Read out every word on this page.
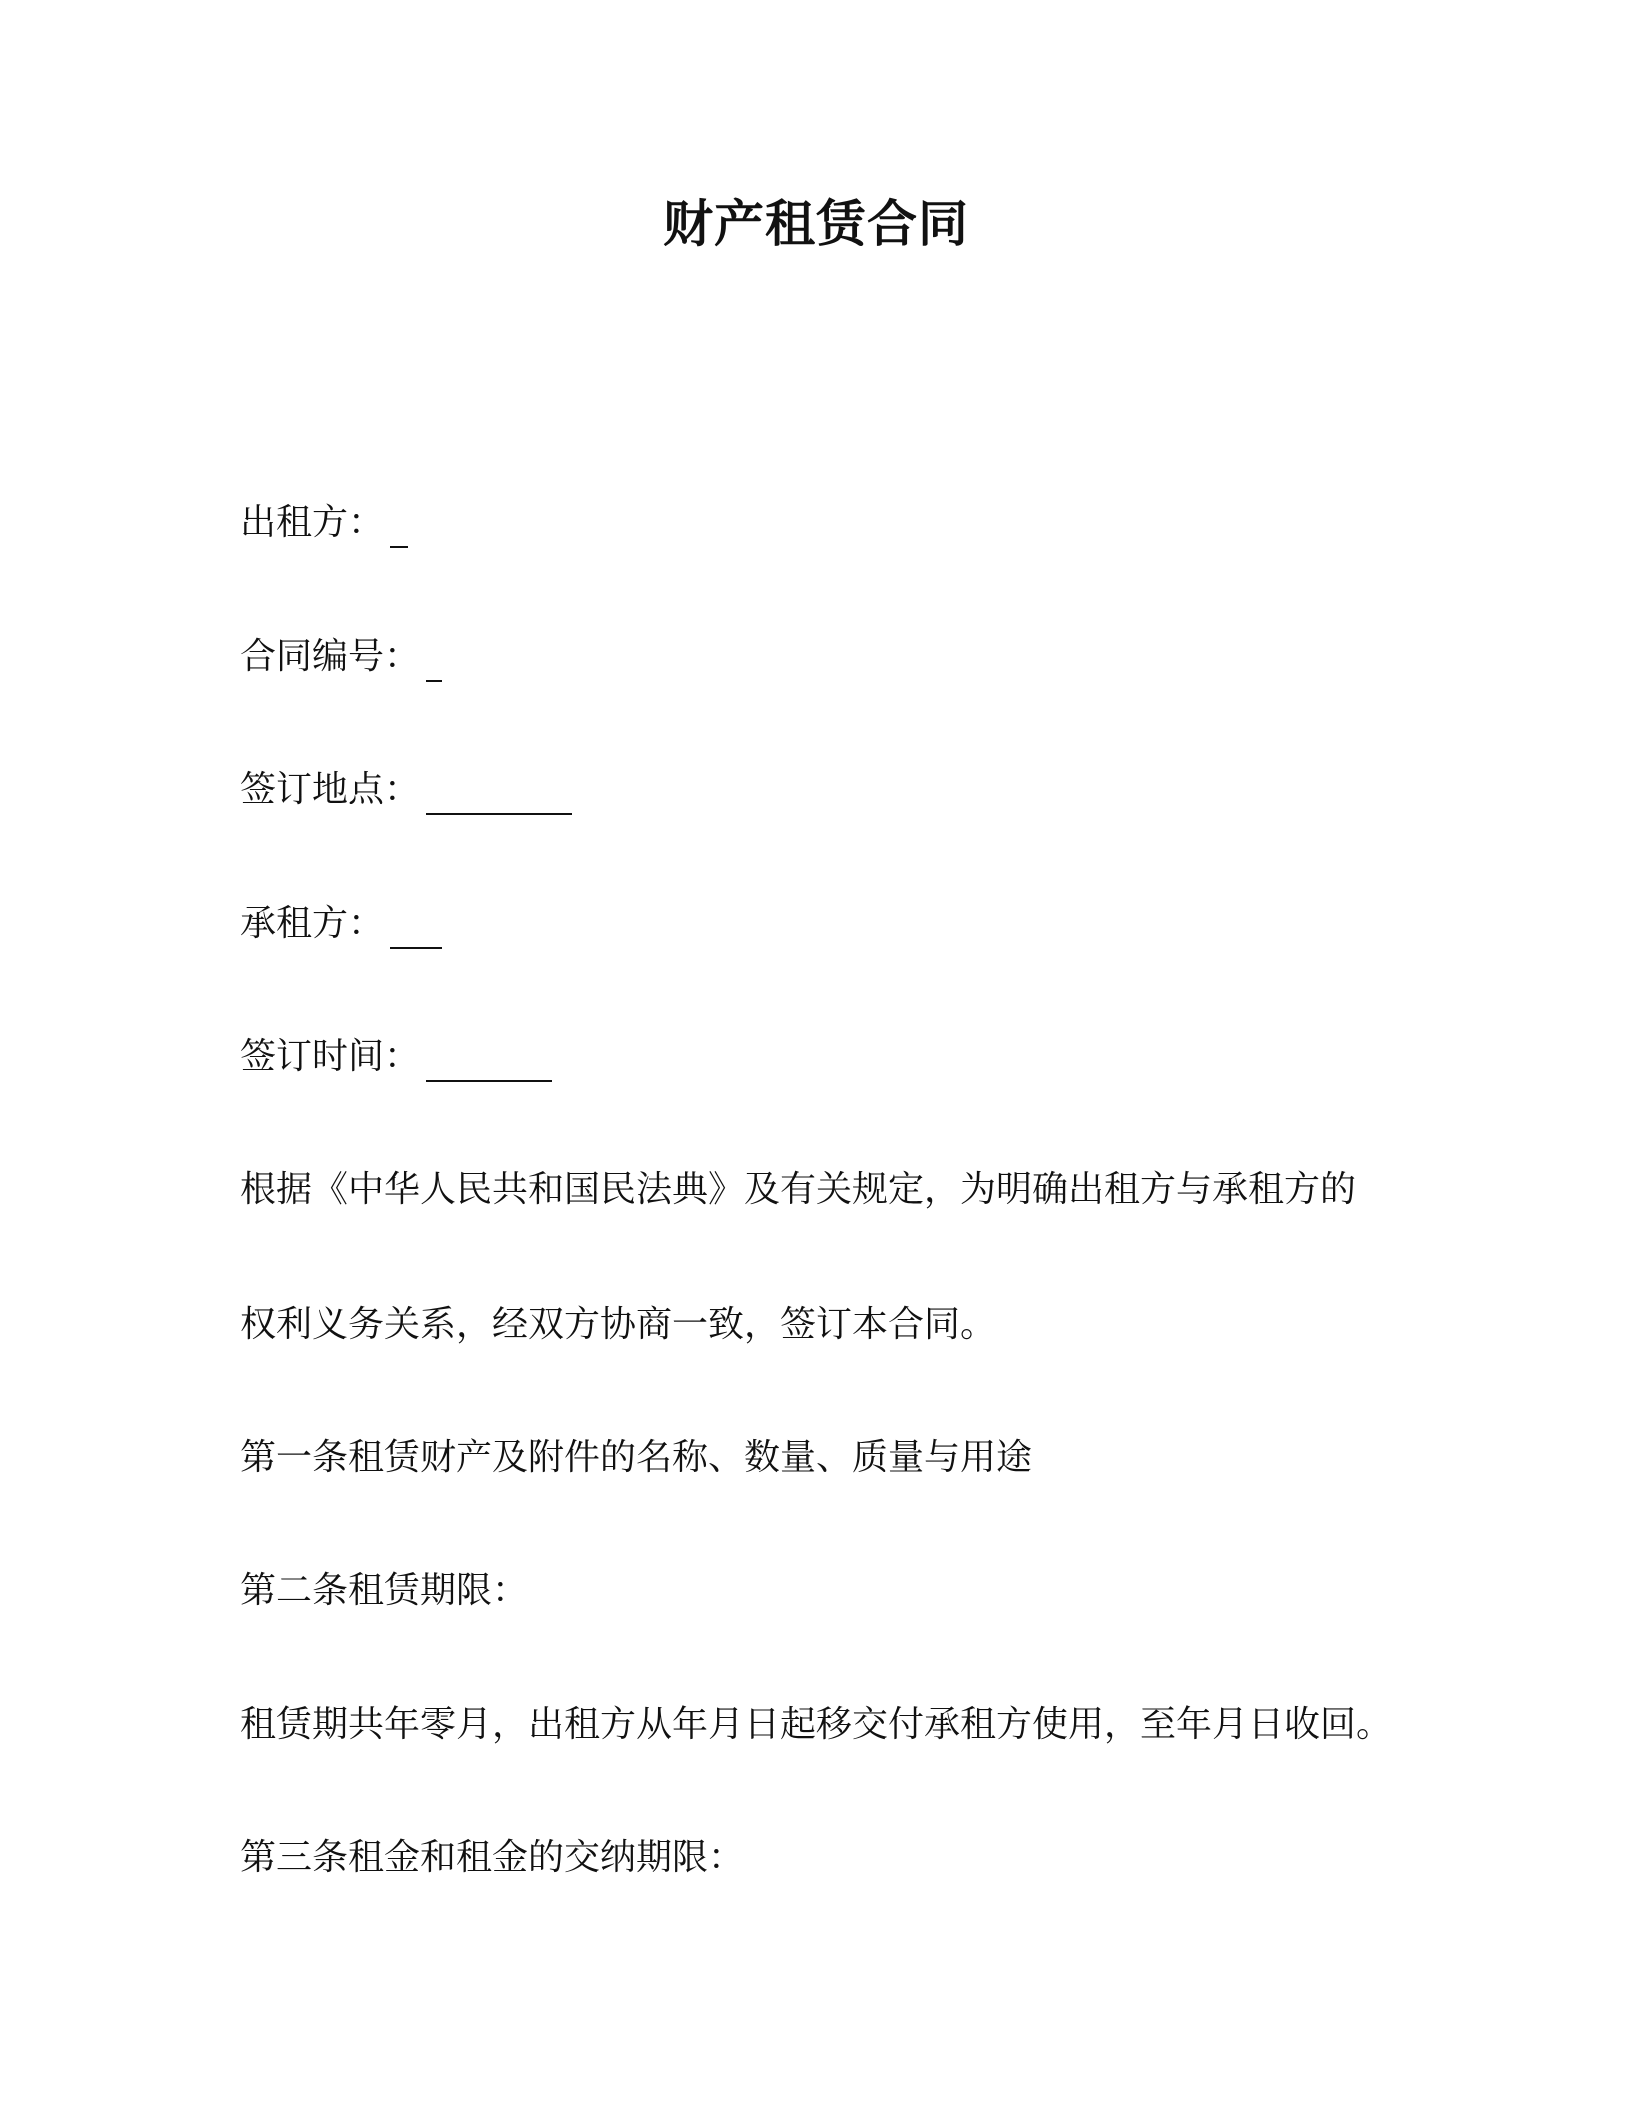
财产租赁合同
出租方：
合同编号：
签订地点：
承租方：
签订时间：
根据《中华人民共和国民法典》及有关规定，为明确出租方与承租方的
权利义务关系，经双方协商一致，签订本合同。
第一条租赁财产及附件的名称、数量、质量与用途
第二条租赁期限：
租赁期共年零月，出租方从年月日起移交付承租方使用，至年月日收回。
第三条租金和租金的交纳期限：
